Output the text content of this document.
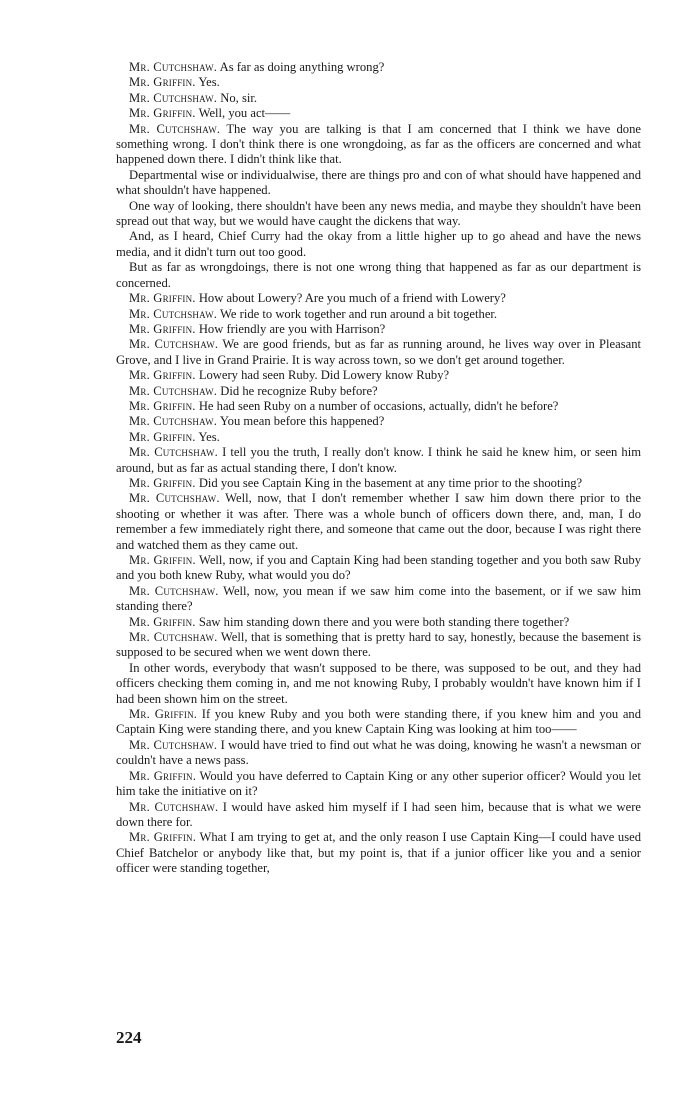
Mr. Cutchshaw. As far as doing anything wrong?

Mr. Griffin. Yes.

Mr. Cutchshaw. No, sir.

Mr. Griffin. Well, you act——

Mr. Cutchshaw. The way you are talking is that I am concerned that I think we have done something wrong. I don't think there is one wrongdoing, as far as the officers are concerned and what happened down there. I didn't think like that.

Departmental wise or individualwise, there are things pro and con of what should have happened and what shouldn't have happened.

One way of looking, there shouldn't have been any news media, and maybe they shouldn't have been spread out that way, but we would have caught the dickens that way.

And, as I heard, Chief Curry had the okay from a little higher up to go ahead and have the news media, and it didn't turn out too good.

But as far as wrongdoings, there is not one wrong thing that happened as far as our department is concerned.

Mr. Griffin. How about Lowery? Are you much of a friend with Lowery?

Mr. Cutchshaw. We ride to work together and run around a bit together.

Mr. Griffin. How friendly are you with Harrison?

Mr. Cutchshaw. We are good friends, but as far as running around, he lives way over in Pleasant Grove, and I live in Grand Prairie. It is way across town, so we don't get around together.

Mr. Griffin. Lowery had seen Ruby. Did Lowery know Ruby?

Mr. Cutchshaw. Did he recognize Ruby before?

Mr. Griffin. He had seen Ruby on a number of occasions, actually, didn't he before?

Mr. Cutchshaw. You mean before this happened?

Mr. Griffin. Yes.

Mr. Cutchshaw. I tell you the truth, I really don't know. I think he said he knew him, or seen him around, but as far as actual standing there, I don't know.

Mr. Griffin. Did you see Captain King in the basement at any time prior to the shooting?

Mr. Cutchshaw. Well, now, that I don't remember whether I saw him down there prior to the shooting or whether it was after. There was a whole bunch of officers down there, and, man, I do remember a few immediately right there, and someone that came out the door, because I was right there and watched them as they came out.

Mr. Griffin. Well, now, if you and Captain King had been standing together and you both saw Ruby and you both knew Ruby, what would you do?

Mr. Cutchshaw. Well, now, you mean if we saw him come into the basement, or if we saw him standing there?

Mr. Griffin. Saw him standing down there and you were both standing there together?

Mr. Cutchshaw. Well, that is something that is pretty hard to say, honestly, because the basement is supposed to be secured when we went down there.

In other words, everybody that wasn't supposed to be there, was supposed to be out, and they had officers checking them coming in, and me not knowing Ruby, I probably wouldn't have known him if I had been shown him on the street.

Mr. Griffin. If you knew Ruby and you both were standing there, if you knew him and you and Captain King were standing there, and you knew Captain King was looking at him too——

Mr. Cutchshaw. I would have tried to find out what he was doing, knowing he wasn't a newsman or couldn't have a news pass.

Mr. Griffin. Would you have deferred to Captain King or any other superior officer? Would you let him take the initiative on it?

Mr. Cutchshaw. I would have asked him myself if I had seen him, because that is what we were down there for.

Mr. Griffin. What I am trying to get at, and the only reason I use Captain King—I could have used Chief Batchelor or anybody like that, but my point is, that if a junior officer like you and a senior officer were standing together,

224
